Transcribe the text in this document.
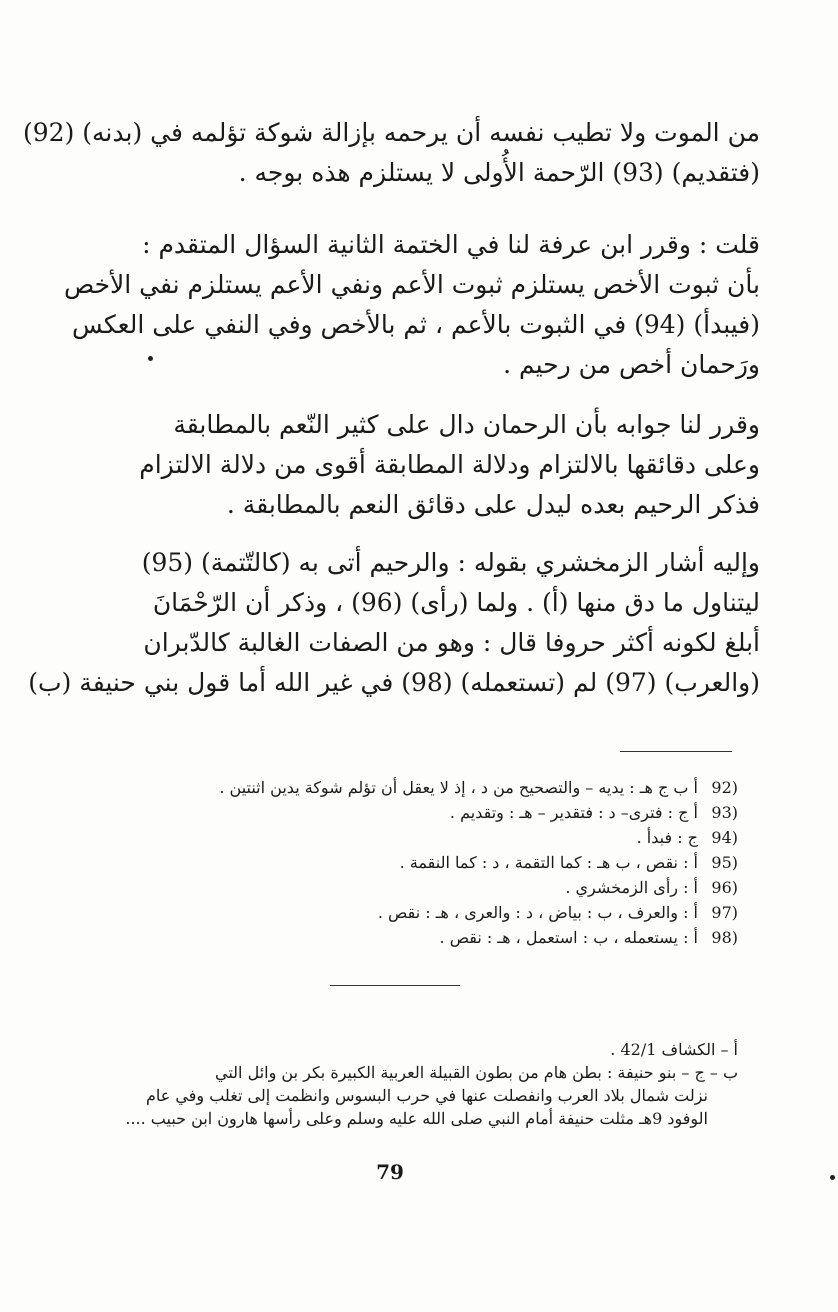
من الموت ولا تطيب نفسه أن يرحمه بإزالة شوكة تؤلمه في (بدنه) (92)
(فتقديم) (93) الرّحمة الأُولى لا يستلزم هذه بوجه .
قلت : وقرر ابن عرفة لنا في الختمة الثانية السؤال المتقدم :
بأن ثبوت الأخص يستلزم ثبوت الأعم ونفي الأعم يستلزم نفي الأخص
(فيبدأ) (94) في الثبوت بالأعم ، ثم بالأخص وفي النفي على العكس
ورَحمان أخص من رحيم .
وقرر لنا جوابه بأن الرحمان دال على كثير النّعم بالمطابقة
وعلى دقائقها بالالتزام ودلالة المطابقة أقوى من دلالة الالتزام
فذكر الرحيم بعده ليدل على دقائق النعم بالمطابقة .
وإليه أشار الزمخشري بقوله : والرحيم أتى به (كالتّتمة) (95)
ليتناول ما دق منها (أ) . ولما (رأى) (96) ، وذكر أن الرّحْمَانَ
أبلغ لكونه أكثر حروفا قال : وهو من الصفات الغالبة كالدّبران
(والعرب) (97) لم (تستعمله) (98) في غير الله أما قول بني حنيفة (ب)
92)
أ ب ج هـ : يديه – والتصحيح من د ، إذ لا يعقل أن تؤلم شوكة يدين اثنتين .
93)
أ ج : فترى– د : فتقدير – هـ : وتقديم .
94)
ج : فبدأ .
95)
أ : نقص ، ب هـ : كما التقمة ، د : كما النقمة .
96)
أ : رأى الزمخشري .
97)
أ : والعرف ، ب : بياض ، د : والعرى ، هـ : نقص .
98)
أ : يستعمله ، ب : استعمل ، هـ : نقص .
أ – الكشاف 42/1 .
ب – ج – بنو حنيفة : بطن هام من بطون القبيلة العربية الكبيرة بكر بن وائل التي
نزلت شمال بلاد العرب وانفصلت عنها في حرب البسوس وانظمت إلى تغلب وفي عام
الوفود 9هـ مثلت حنيفة أمام النبي صلى الله عليه وسلم وعلى رأسها هارون ابن حبيب ....
79
